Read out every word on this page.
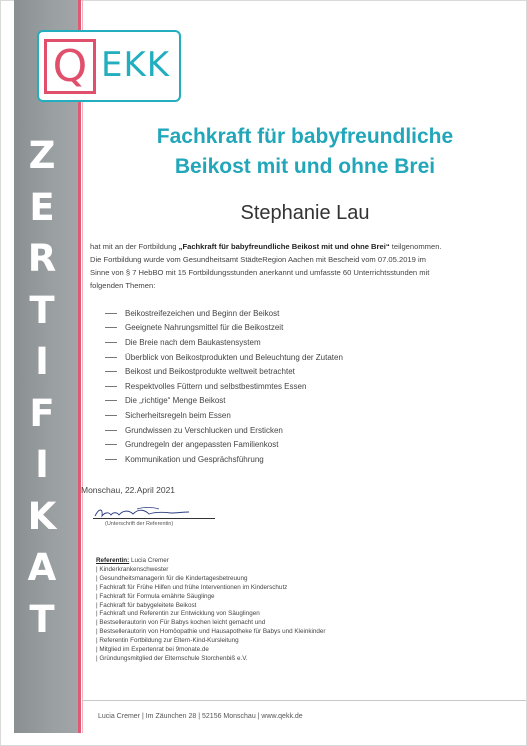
Z
E
R
T
I
F
I
K
A
T
Q EKK
Fachkraft für babyfreundliche
Beikost mit und ohne Brei
Stephanie Lau
hat mit an der Fortbildung „Fachkraft für babyfreundliche Beikost mit und ohne Brei“ teilgenommen.
Die Fortbildung wurde vom Gesundheitsamt StädteRegion Aachen mit Bescheid vom 07.05.2019 im
Sinne von § 7 HebBO mit 15 Fortbildungsstunden anerkannt und umfasste 60 Unterrichtsstunden mit
folgenden Themen:
Beikostreifezeichen und Beginn der Beikost
Geeignete Nahrungsmittel für die Beikostzeit
Die Breie nach dem Baukastensystem
Überblick von Beikostprodukten und Beleuchtung der Zutaten
Beikost und Beikostprodukte weltweit betrachtet
Respektvolles Füttern und selbstbestimmtes Essen
Die „richtige“ Menge Beikost
Sicherheitsregeln beim Essen
Grundwissen zu Verschlucken und Ersticken
Grundregeln der angepassten Familienkost
Kommunikation und Gesprächsführung
Monschau, 22.April 2021
(Unterschrift der Referentin)
Referentin: Lucia Cremer
| Kinderkrankenschwester
| Gesundheitsmanagerin für die Kindertagesbetreuung
| Fachkraft für Frühe Hilfen und frühe Interventionen im Kinderschutz
| Fachkraft für Formula ernährte Säuglinge
| Fachkraft für babygeleitete Beikost
| Fachkraft und Referentin zur Entwicklung von Säuglingen
| Bestsellerautorin von Für Babys kochen leicht gemacht und
| Bestsellerautorin von Homöopathie und Hausapotheke für Babys und Kleinkinder
| Referentin Fortbildung zur Eltern-Kind-Kursleitung
| Mitglied im Expertenrat bei 9monate.de
| Gründungsmitglied der Elternschule Storchenbiß e.V.
Lucia Cremer | Im Zäunchen 28 | 52156 Monschau | www.qekk.de
